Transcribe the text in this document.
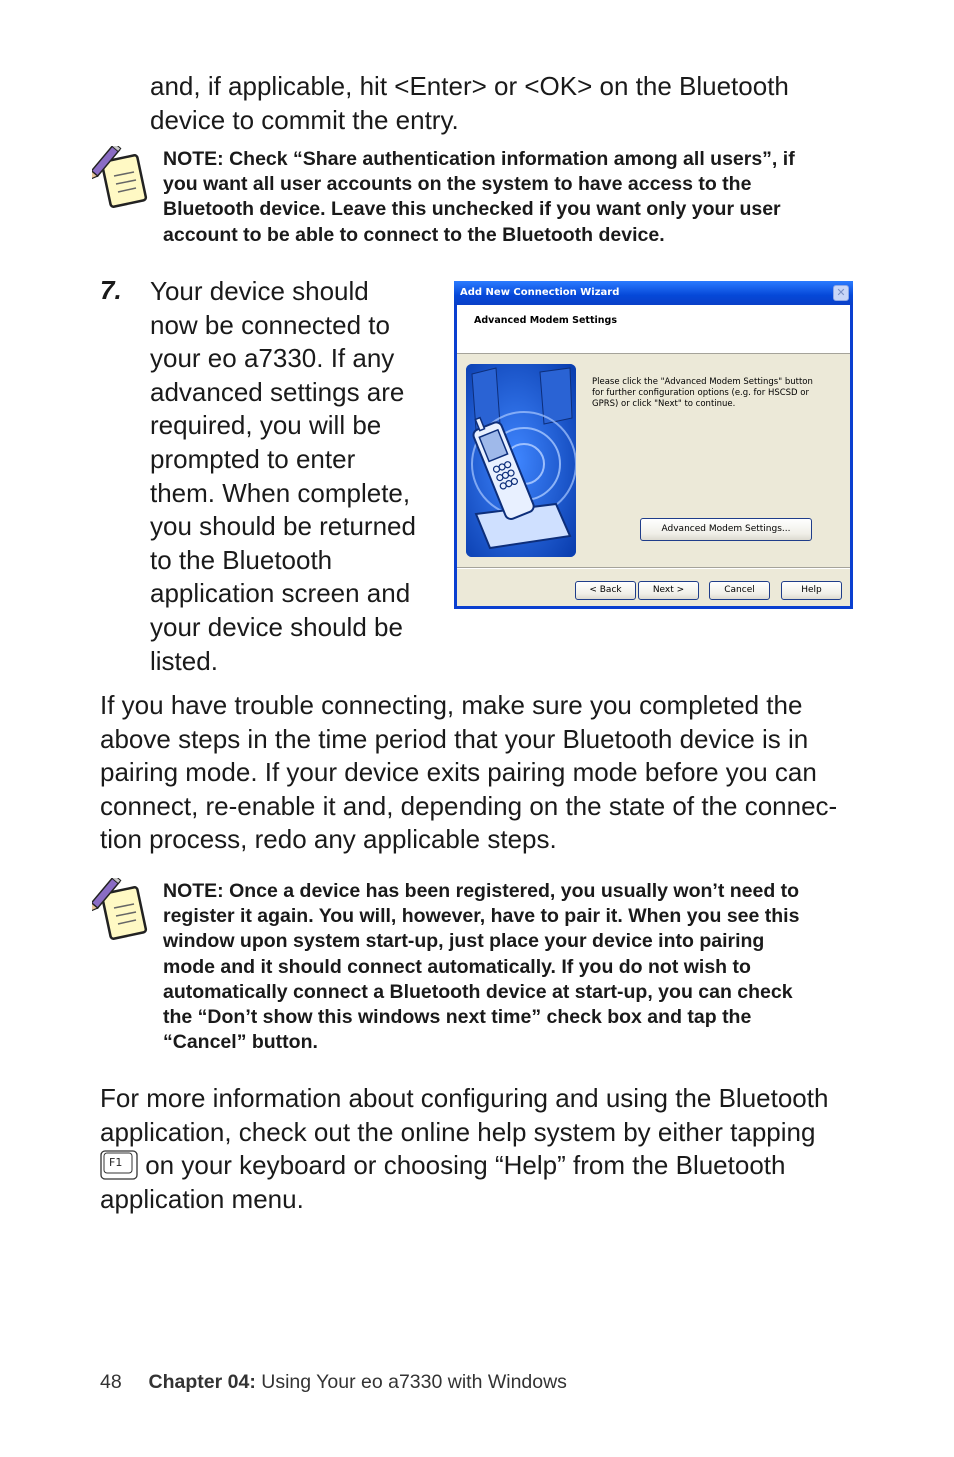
and, if applicable, hit <Enter> or <OK> on the Bluetooth
device to commit the entry.
NOTE: Check “Share authentication information among all users”, if
you want all user accounts on the system to have access to the
Bluetooth device. Leave this unchecked if you want only your user
account to be able to connect to the Bluetooth device.
7. Your device should
now be connected to
your eo a7330. If any
advanced settings are
required, you will be
prompted to enter
them. When complete,
you should be returned
to the Bluetooth
application screen and
your device should be
listed.
Add New Connection Wizard	✕
Advanced Modem Settings
Please click the "Advanced Modem Settings" button
for further configuration options (e.g. for HSCSD or
GPRS) or click "Next" to continue.
Advanced Modem Settings...
< Back	Next >	Cancel	Help
If you have trouble connecting, make sure you completed the
above steps in the time period that your Bluetooth device is in
pairing mode. If your device exits pairing mode before you can
connect, re-enable it and, depending on the state of the connec-
tion process, redo any applicable steps.
NOTE: Once a device has been registered, you usually won’t need to
register it again. You will, however, have to pair it. When you see this
window upon system start-up, just place your device into pairing
mode and it should connect automatically. If you do not wish to
automatically connect a Bluetooth device at start-up, you can check
the “Don’t show this windows next time” check box and tap the
“Cancel” button.
For more information about configuring and using the Bluetooth
application, check out the online help system by either tapping
F1 on your keyboard or choosing “Help” from the Bluetooth
application menu.
48 Chapter 04: Using Your eo a7330 with Windows
